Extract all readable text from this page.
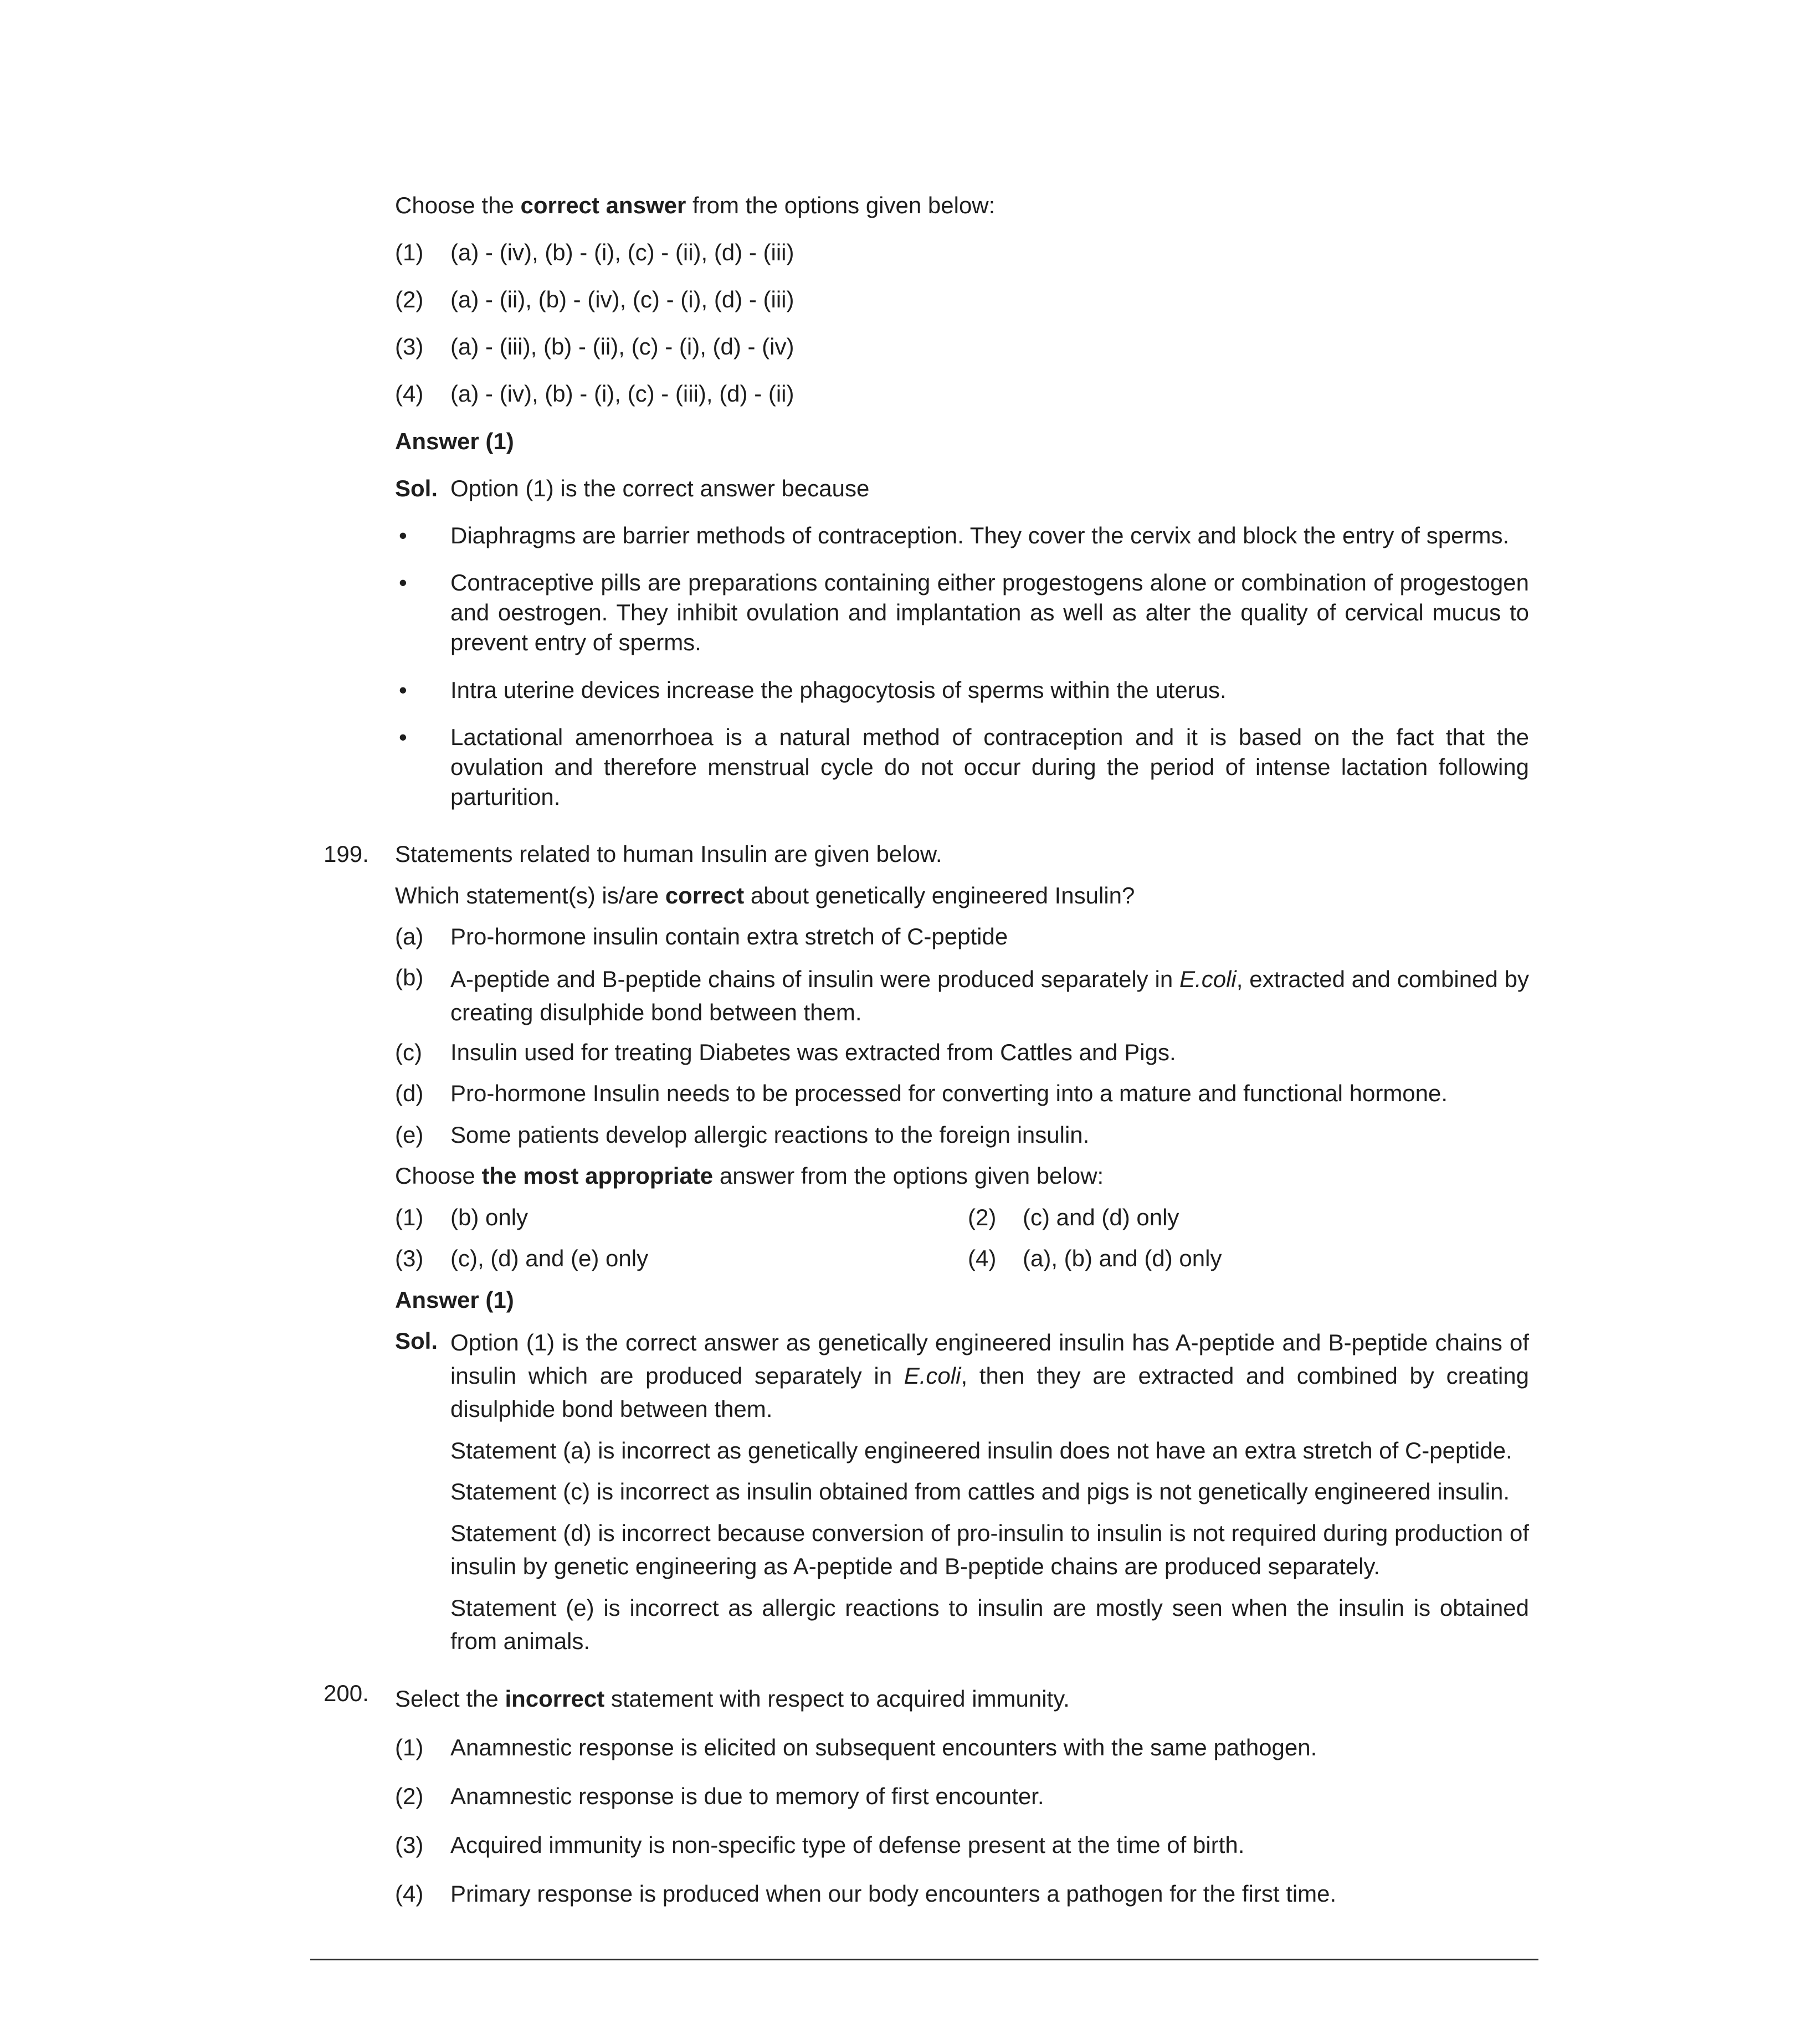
Choose the correct answer from the options given below:
(1) (a) - (iv), (b) - (i), (c) - (ii), (d) - (iii)
(2) (a) - (ii), (b) - (iv), (c) - (i), (d) - (iii)
(3) (a) - (iii), (b) - (ii), (c) - (i), (d) - (iv)
(4) (a) - (iv), (b) - (i), (c) - (iii), (d) - (ii)
Answer (1)
Sol. Option (1) is the correct answer because
• Diaphragms are barrier methods of contraception. They cover the cervix and block the entry of sperms.
• Contraceptive pills are preparations containing either progestogens alone or combination of progestogen and oestrogen. They inhibit ovulation and implantation as well as alter the quality of cervical mucus to prevent entry of sperms.
• Intra uterine devices increase the phagocytosis of sperms within the uterus.
• Lactational amenorrhoea is a natural method of contraception and it is based on the fact that the ovulation and therefore menstrual cycle do not occur during the period of intense lactation following parturition.
199. Statements related to human Insulin are given below.
Which statement(s) is/are correct about genetically engineered Insulin?
(a) Pro-hormone insulin contain extra stretch of C-peptide
(b) A-peptide and B-peptide chains of insulin were produced separately in E.coli, extracted and combined by creating disulphide bond between them.
(c) Insulin used for treating Diabetes was extracted from Cattles and Pigs.
(d) Pro-hormone Insulin needs to be processed for converting into a mature and functional hormone.
(e) Some patients develop allergic reactions to the foreign insulin.
Choose the most appropriate answer from the options given below:
(1) (b) only	(2) (c) and (d) only
(3) (c), (d) and (e) only	(4) (a), (b) and (d) only
Answer (1)
Sol. Option (1) is the correct answer as genetically engineered insulin has A-peptide and B-peptide chains of insulin which are produced separately in E.coli, then they are extracted and combined by creating disulphide bond between them.
Statement (a) is incorrect as genetically engineered insulin does not have an extra stretch of C-peptide.
Statement (c) is incorrect as insulin obtained from cattles and pigs is not genetically engineered insulin.
Statement (d) is incorrect because conversion of pro-insulin to insulin is not required during production of insulin by genetic engineering as A-peptide and B-peptide chains are produced separately.
Statement (e) is incorrect as allergic reactions to insulin are mostly seen when the insulin is obtained from animals.
200. Select the incorrect statement with respect to acquired immunity.
(1) Anamnestic response is elicited on subsequent encounters with the same pathogen.
(2) Anamnestic response is due to memory of first encounter.
(3) Acquired immunity is non-specific type of defense present at the time of birth.
(4) Primary response is produced when our body encounters a pathogen for the first time.
